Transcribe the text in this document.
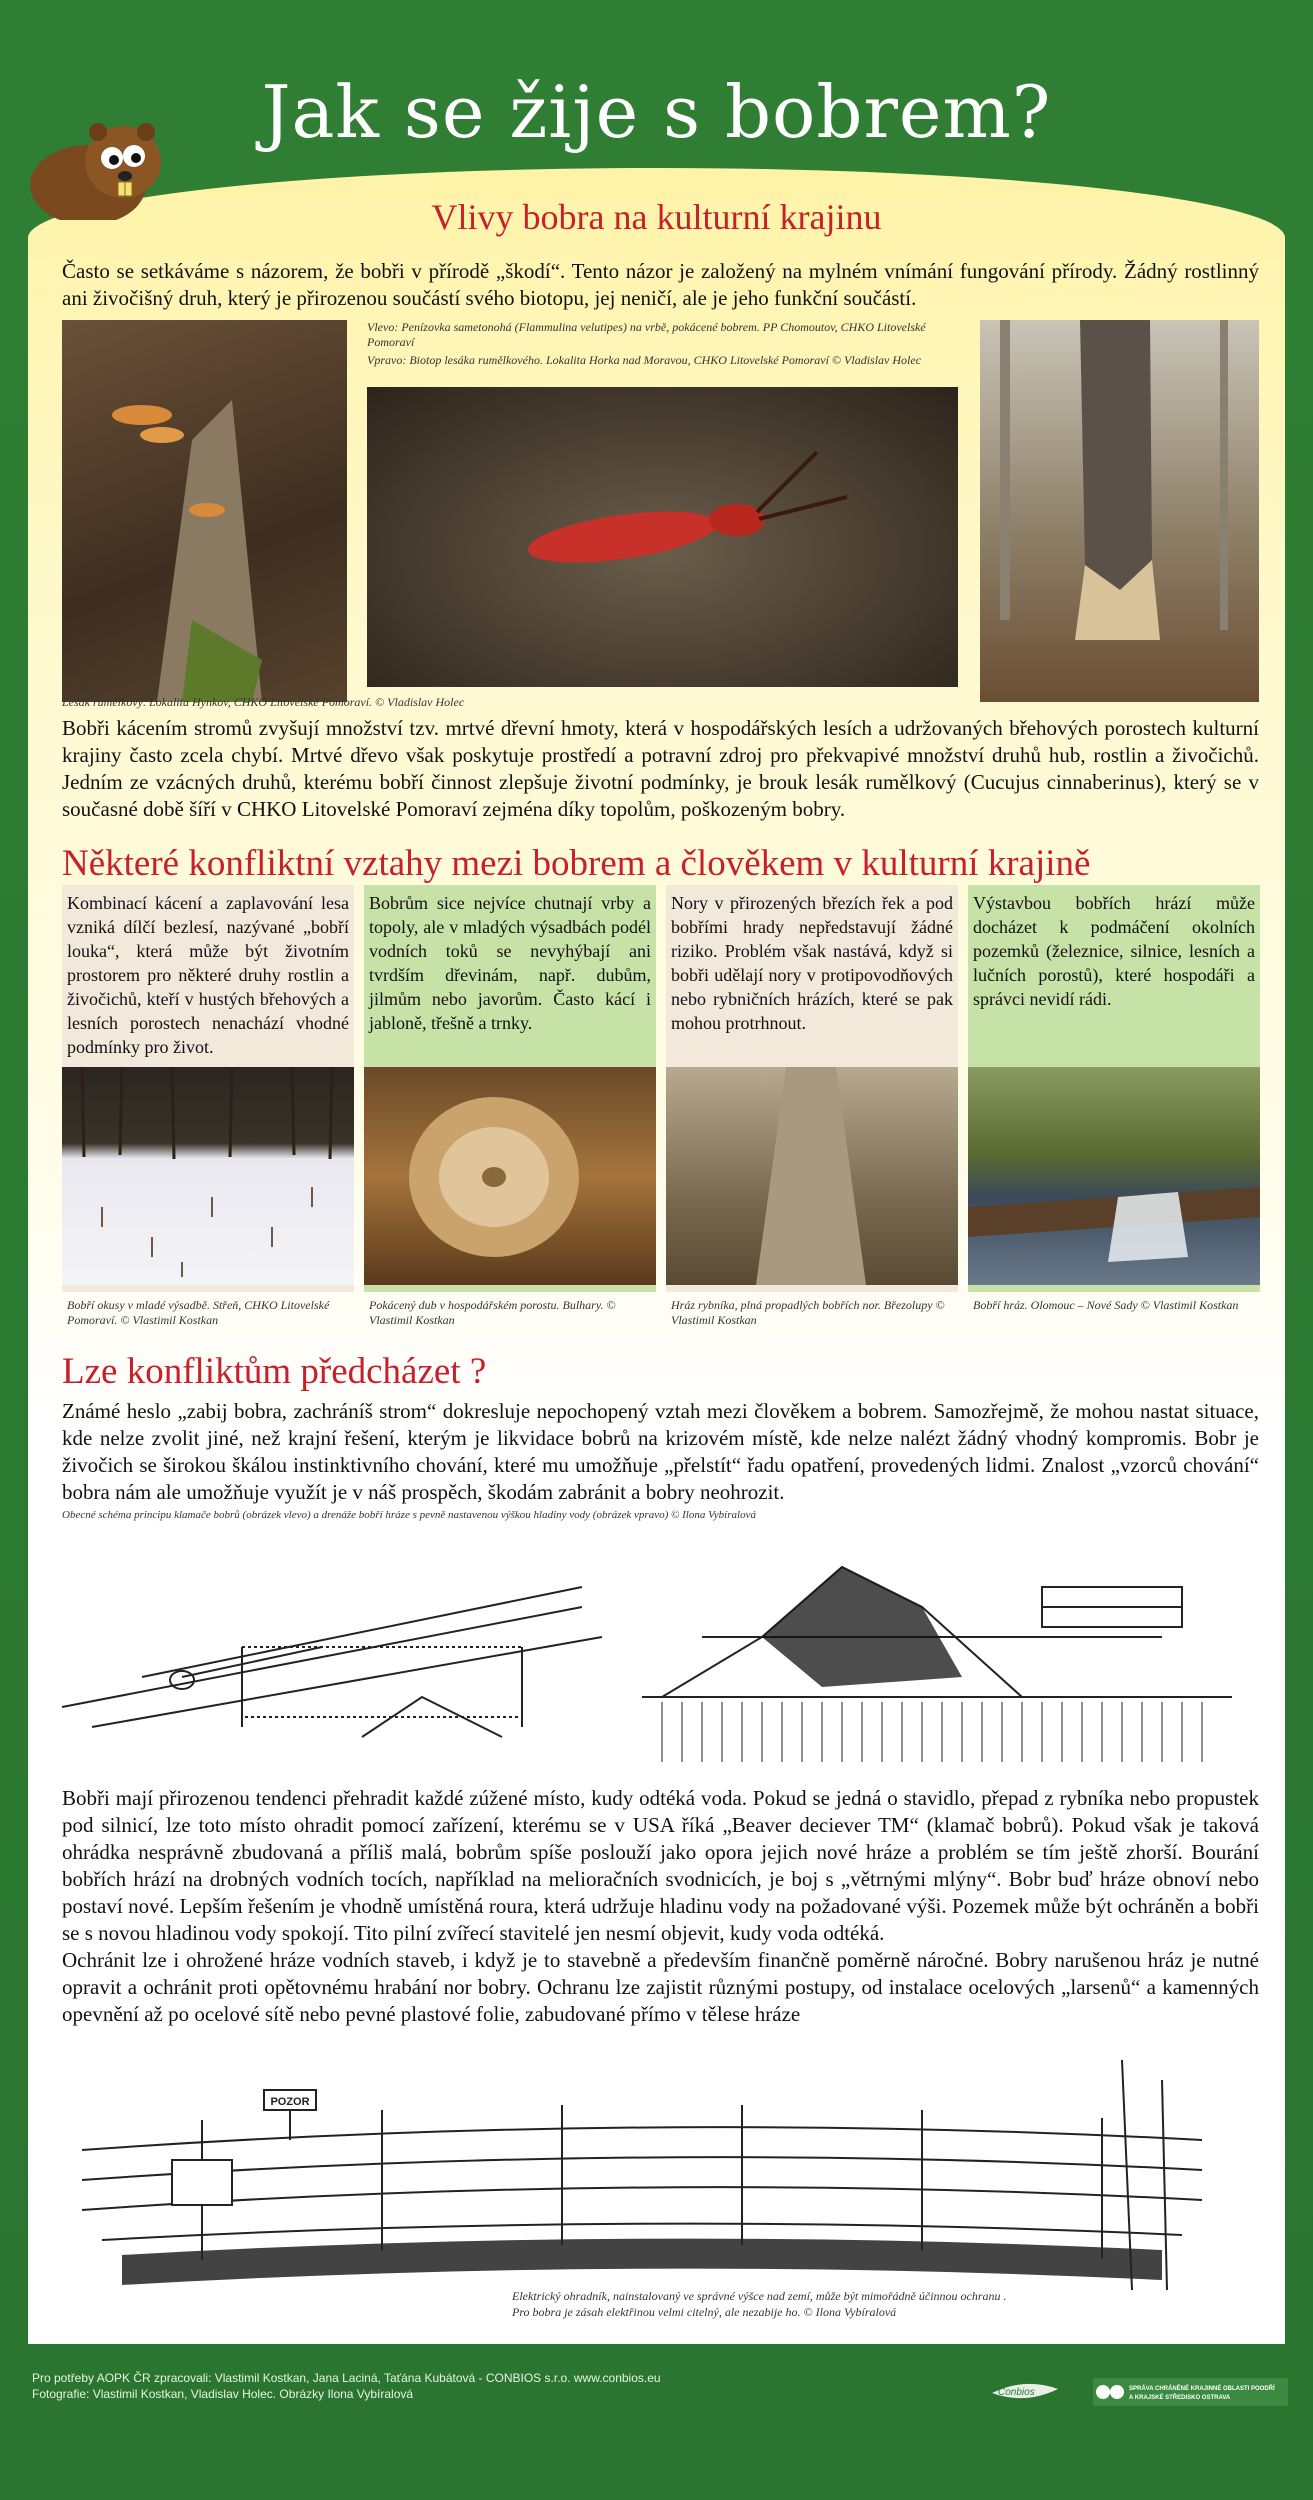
Jak se žije s bobrem?
Vlivy bobra na kulturní krajinu
Často se setkáváme s názorem, že bobři v přírodě „škodí“. Tento názor je založený na mylném vnímání fungování přírody. Žádný rostlinný ani živočišný druh, který je přirozenou součástí svého biotopu, jej neničí, ale je jeho funkční součástí.
Vlevo: Penízovka sametonohá (Flammulina velutipes) na vrbě, pokácené bobrem. PP Chomoutov, CHKO Litovelské Pomoraví
Vpravo: Biotop lesáka rumělkového. Lokalita Horka nad Moravou, CHKO Litovelské Pomoraví © Vladislav Holec
Lesák rumělkový. Lokalita Hynkov, CHKO Litovelské Pomoraví. © Vladislav Holec
Bobři kácením stromů zvyšují množství tzv. mrtvé dřevní hmoty, která v hospodářských lesích a udržovaných břehových porostech kulturní krajiny často zcela chybí. Mrtvé dřevo však poskytuje prostředí a potravní zdroj pro překvapivé množství druhů hub, rostlin a živočichů. Jedním ze vzácných druhů, kterému bobří činnost zlepšuje životní podmínky, je brouk lesák rumělkový (Cucujus cinnaberinus), který se v současné době šíří v CHKO Litovelské Pomoraví zejména díky topolům, poškozeným bobry.
Některé konfliktní vztahy mezi bobrem a člověkem v kulturní krajině
Kombinací kácení a zaplavování lesa vzniká dílčí bezlesí, nazývané „bobří louka“, která může být životním prostorem pro některé druhy rostlin a živočichů, kteří v hustých břehových a lesních porostech nenachází vhodné podmínky pro život.
Bobří okusy v mladé výsadbě. Střeň, CHKO Litovelské Pomoraví. © Vlastimil Kostkan
Bobrům sice nejvíce chutnají vrby a topoly, ale v mladých výsadbách podél vodních toků se nevyhýbají ani tvrdším dřevinám, např. dubům, jilmům nebo javorům. Často kácí i jabloně, třešně a trnky.
Pokácený dub v hospodářském porostu. Bulhary. © Vlastimil Kostkan
Nory v přirozených březích řek a pod bobřími hrady nepředstavují žádné riziko. Problém však nastává, když si bobři udělají nory v protipovodňových nebo rybničních hrázích, které se pak mohou protrhnout.
Hráz rybníka, plná propadlých bobřích nor. Březolupy © Vlastimil Kostkan
Výstavbou bobřích hrází může docházet k podmáčení okolních pozemků (železnice, silnice, lesních a lučních porostů), které hospodáři a správci nevidí rádi.
Bobří hráz. Olomouc – Nové Sady © Vlastimil Kostkan
Lze konfliktům předcházet ?
Známé heslo „zabij bobra, zachráníš strom“ dokresluje nepochopený vztah mezi člověkem a bobrem. Samozřejmě, že mohou nastat situace, kde nelze zvolit jiné, než krajní řešení, kterým je likvidace bobrů na krizovém místě, kde nelze nalézt žádný vhodný kompromis. Bobr je živočich se širokou škálou instinktivního chování, které mu umožňuje „přelstít“ řadu opatření, provedených lidmi. Znalost „vzorců chování“ bobra nám ale umožňuje využít je v náš prospěch, škodám zabránit a bobry neohrozit.
Obecné schéma principu klamače bobrů (obrázek vlevo) a drenáže bobří hráze s pevně nastavenou výškou hladiny vody (obrázek vpravo) © Ilona Vybíralová
Bobři mají přirozenou tendenci přehradit každé zúžené místo, kudy odtéká voda. Pokud se jedná o stavidlo, přepad z rybníka nebo propustek pod silnicí, lze toto místo ohradit pomocí zařízení, kterému se v USA říká „Beaver deciever TM“ (klamač bobrů). Pokud však je taková ohrádka nesprávně zbudovaná a příliš malá, bobrům spíše poslouží jako opora jejich nové hráze a problém se tím ještě zhorší. Bourání bobřích hrází na drobných vodních tocích, například na melioračních svodnicích, je boj s „větrnými mlýny“. Bobr buď hráze obnoví nebo postaví nové. Lepším řešením je vhodně umístěná roura, která udržuje hladinu vody na požadované výši. Pozemek může být ochráněn a bobři se s novou hladinou vody spokojí. Tito pilní zvířecí stavitelé jen nesmí objevit, kudy voda odtéká.
Ochránit lze i ohrožené hráze vodních staveb, i když je to stavebně a především finančně poměrně náročné. Bobry narušenou hráz je nutné opravit a ochránit proti opětovnému hrabání nor bobry. Ochranu lze zajistit různými postupy, od instalace ocelových „larsenů“ a kamenných opevnění až po ocelové sítě nebo pevné plastové folie, zabudované přímo v tělese hráze
POZOR
Elektrický ohradník, nainstalovaný ve správné výšce nad zemí, může být mimořádně účinnou ochranu .
Pro bobra je zásah elektřinou velmi citelný, ale nezabije ho. © Ilona Vybíralová
Pro potřeby AOPK ČR zpracovali: Vlastimil Kostkan, Jana Laciná, Taťána Kubátová - CONBIOS s.r.o. www.conbios.eu
Fotografie: Vlastimil Kostkan, Vladislav Holec. Obrázky Ilona Vybíralová	Conbios	SPRÁVA CHRÁNĚNÉ KRAJINNÉ OBLASTI POODŘÍ
A KRAJSKÉ STŘEDISKO OSTRAVA
